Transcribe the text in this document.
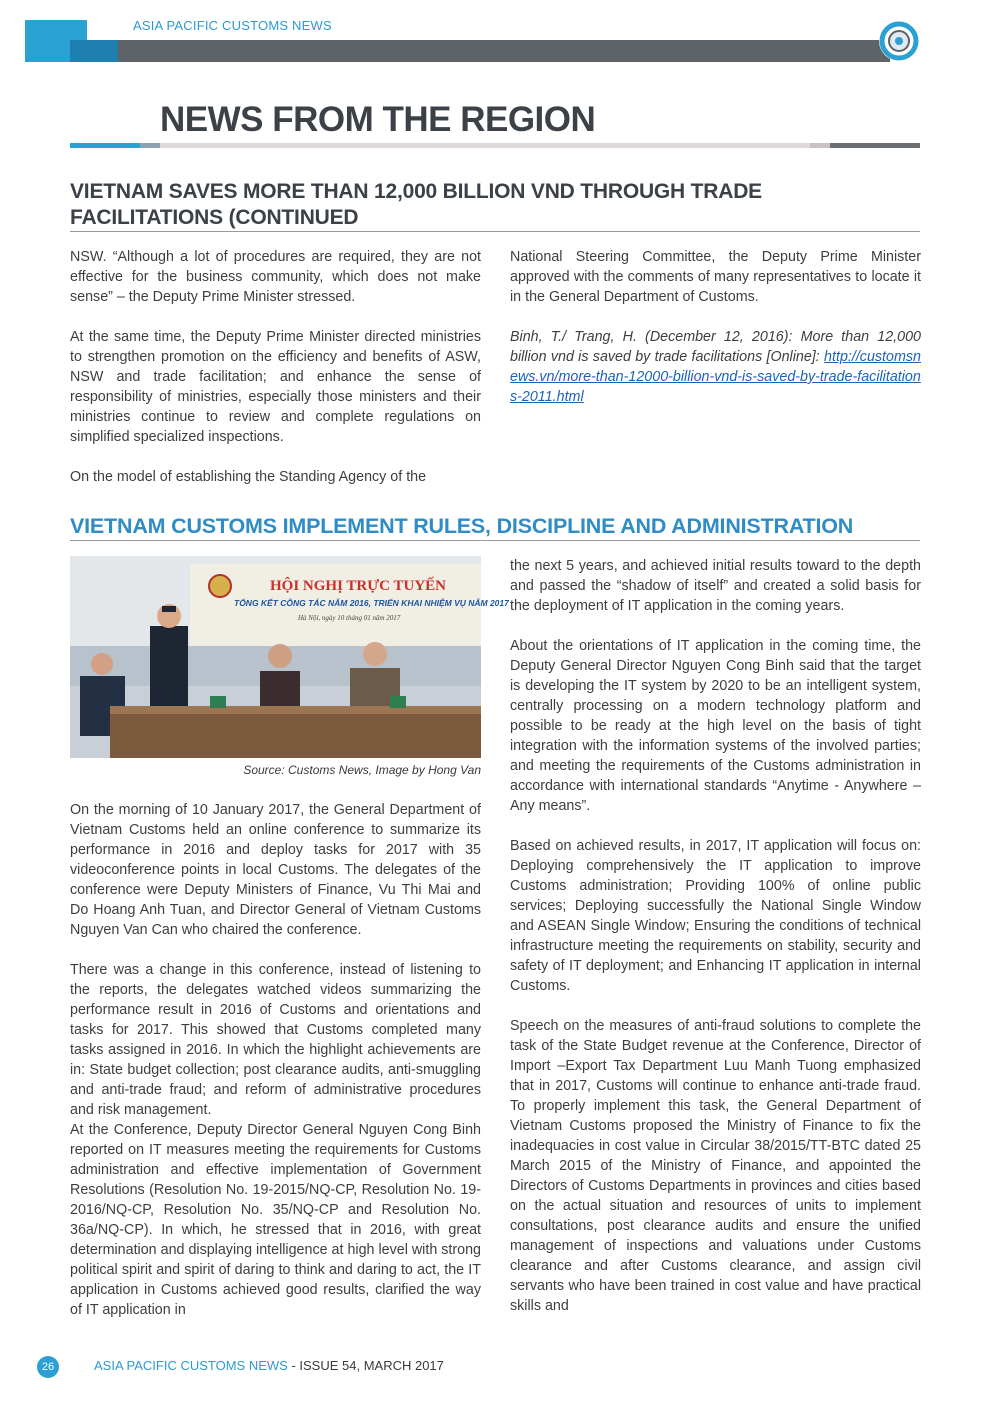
ASIA PACIFIC CUSTOMS NEWS
NEWS FROM THE REGION
VIETNAM SAVES MORE THAN 12,000 BILLION VND THROUGH TRADE FACILITATIONS (CONTINUED

NSW. “Although a lot of procedures are required, they are not effective for the business community, which does not make sense” – the Deputy Prime Minister stressed.

At the same time, the Deputy Prime Minister directed ministries to strengthen promotion on the efficiency and benefits of ASW, NSW and trade facilitation; and enhance the sense of responsibility of ministries, especially those ministers and their ministries continue to review and complete regulations on simplified specialized inspections.

On the model of establishing the Standing Agency of the

National Steering Committee, the Deputy Prime Minister approved with the comments of many representatives to locate it in the General Department of Customs.

Binh, T./ Trang, H. (December 12, 2016): More than 12,000 billion vnd is saved by trade facilitations [Online]: http://customsnews.vn/more-than-12000-billion-vnd-is-saved-by-trade-facilitations-2011.html

VIETNAM CUSTOMS IMPLEMENT RULES, DISCIPLINE AND ADMINISTRATION
HỘI NGHỊ TRỰC TUYẾN
TỔNG KẾT CÔNG TÁC NĂM 2016, TRIỂN KHAI NHIỆM VỤ NĂM 2017
Hà Nội, ngày 10 tháng 01 năm 2017
Source: Customs News, Image by Hong Van

On the morning of 10 January 2017, the General Department of Vietnam Customs held an online conference to summarize its performance in 2016 and deploy tasks for 2017 with 35 videoconference points in local Customs. The delegates of the conference were Deputy Ministers of Finance, Vu Thi Mai and Do Hoang Anh Tuan, and Director General of Vietnam Customs Nguyen Van Can who chaired the conference.

There was a change in this conference, instead of listening to the reports, the delegates watched videos summarizing the performance result in 2016 of Customs and orientations and tasks for 2017. This showed that Customs completed many tasks assigned in 2016. In which the highlight achievements are in: State budget collection; post clearance audits, anti-smuggling and anti-trade fraud; and reform of administrative procedures and risk management.

At the Conference, Deputy Director General Nguyen Cong Binh reported on IT measures meeting the requirements for Customs administration and effective implementation of Government Resolutions (Resolution No. 19-2015/NQ-CP, Resolution No. 19-2016/NQ-CP, Resolution No. 35/NQ-CP and Resolution No. 36a/NQ-CP). In which, he stressed that in 2016, with great determination and displaying intelligence at high level with strong political spirit and spirit of daring to think and daring to act, the IT application in Customs achieved good results, clarified the way of IT application in

the next 5 years, and achieved initial results toward to the depth and passed the “shadow of itself” and created a solid basis for the deployment of IT application in the coming years.

About the orientations of IT application in the coming time, the Deputy General Director Nguyen Cong Binh said that the target is developing the IT system by 2020 to be an intelligent system, centrally processing on a modern technology platform and possible to be ready at the high level on the basis of tight integration with the information systems of the involved parties; and meeting the requirements of the Customs administration in accordance with international standards “Anytime - Anywhere – Any means”.

Based on achieved results, in 2017, IT application will focus on: Deploying comprehensively the IT application to improve Customs administration; Providing 100% of online public services; Deploying successfully the National Single Window and ASEAN Single Window; Ensuring the conditions of technical infrastructure meeting the requirements on stability, security and safety of IT deployment; and Enhancing IT application in internal Customs.

Speech on the measures of anti-fraud solutions to complete the task of the State Budget revenue at the Conference, Director of Import –Export Tax Department Luu Manh Tuong emphasized that in 2017, Customs will continue to enhance anti-trade fraud. To properly implement this task, the General Department of Vietnam Customs proposed the Ministry of Finance to fix the inadequacies in cost value in Circular 38/2015/TT-BTC dated 25 March 2015 of the Ministry of Finance, and appointed the Directors of Customs Departments in provinces and cities based on the actual situation and resources of units to implement consultations, post clearance audits and ensure the unified management of inspections and valuations under Customs clearance and after Customs clearance, and assign civil servants who have been trained in cost value and have practical skills and

26	ASIA PACIFIC CUSTOMS NEWS - ISSUE 54, MARCH 2017
